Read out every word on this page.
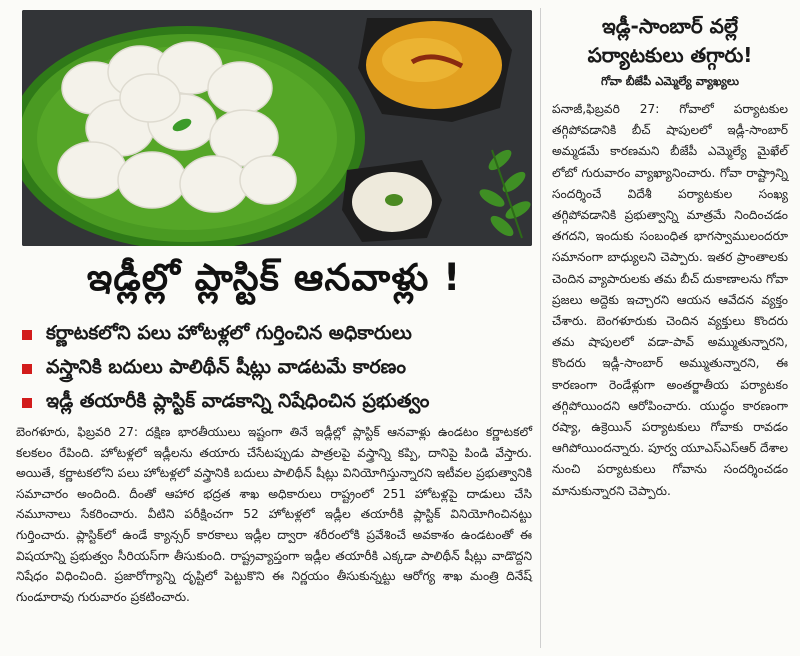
ఇడ్లీల్లో ప్లాస్టిక్ ఆనవాళ్లు !
కర్ణాటకలోని పలు హోటళ్లలో గుర్తించిన అధికారులు
వస్త్రానికి బదులు పాలిథీన్ షీట్లు వాడటమే కారణం
ఇడ్లీ తయారీకి ప్లాస్టిక్ వాడకాన్ని నిషేధించిన ప్రభుత్వం

బెంగళూరు, ఫిబ్రవరి 27: దక్షిణ భారతీయులు ఇష్టంగా తినే ఇడ్లీల్లో ప్లాస్టిక్ ఆనవాళ్లు ఉండటం కర్ణాటకలో కలకలం రేపింది. హోటళ్లలో ఇడ్లీలను తయారు చేసేటప్పుడు పాత్రలపై వస్త్రాన్ని కప్పి, దానిపై పిండి వేస్తారు. అయితే, కర్ణాటకలోని పలు హోటళ్లలో వస్త్రానికి బదులు పాలిథీన్ షీట్లు వినియోగిస్తున్నారని ఇటీవల ప్రభుత్వానికి సమాచారం అందింది. దీంతో ఆహార భద్రత శాఖ అధికారులు రాష్ట్రంలో 251 హోటళ్లపై దాడులు చేసి నమూనాలు సేకరించారు. వీటిని పరీక్షించగా 52 హోటళ్లలో ఇడ్లీల తయారీకి ప్లాస్టిక్ వినియోగించినట్టు గుర్తించారు. ప్లాస్టిక్‌లో ఉండే క్యాన్సర్ కారకాలు ఇడ్లీల ద్వారా శరీరంలోకి ప్రవేశించే అవకాశం ఉండటంతో ఈ విషయాన్ని ప్రభుత్వం సీరియస్‌గా తీసుకుంది. రాష్ట్రవ్యాప్తంగా ఇడ్లీల తయారీకి ఎక్కడా పాలిథీన్ షీట్లు వాడొద్దని నిషేధం విధించింది. ప్రజారోగ్యాన్ని దృష్టిలో పెట్టుకొని ఈ నిర్ణయం తీసుకున్నట్టు ఆరోగ్య శాఖ మంత్రి దినేష్ గుండూరావు గురువారం ప్రకటించారు.

ఇడ్లీ-సాంబార్ వల్లే
పర్యాటకులు తగ్గారు!
గోవా బీజేపీ ఎమ్మెల్యే వ్యాఖ్యలు

పనాజీ,ఫిబ్రవరి 27: గోవాలో పర్యాటకుల తగ్గిపోవడానికి బీచ్ షాపులలో ఇడ్లీ-సాంబార్ అమ్మడమే కారణమని బీజేపీ ఎమ్మెల్యే మైఖేల్ లోబో గురువారం వ్యాఖ్యానించారు. గోవా రాష్ట్రాన్ని సందర్శించే విదేశీ పర్యాటకుల సంఖ్య తగ్గిపోవడానికి ప్రభుత్వాన్ని మాత్రమే నిందించడం తగదని, ఇందుకు సంబంధిత భాగస్వాములందరూ సమానంగా బాధ్యులని చెప్పారు. ఇతర ప్రాంతాలకు చెందిన వ్యాపారులకు తమ బీచ్ దుకాణాలను గోవా ప్రజలు అద్దెకు ఇచ్చారని ఆయన ఆవేదన వ్యక్తం చేశారు. బెంగళూరుకు చెందిన వ్యక్తులు కొందరు తమ షాపులలో వడా-పావ్ అమ్ముతున్నారని, కొందరు ఇడ్లీ-సాంబార్ అమ్ముతున్నారని, ఈ కారణంగా రెండేళ్లుగా అంతర్జాతీయ పర్యాటకం తగ్గిపోయిందని ఆరోపించారు. యుద్ధం కారణంగా రష్యా, ఉక్రెయిన్ పర్యాటకులు గోవాకు రావడం ఆగిపోయిందన్నారు. పూర్వ యూఎస్ఎస్ఆర్ దేశాల నుంచి పర్యాటకులు గోవాను సందర్శించడం మానుకున్నారని చెప్పారు.
